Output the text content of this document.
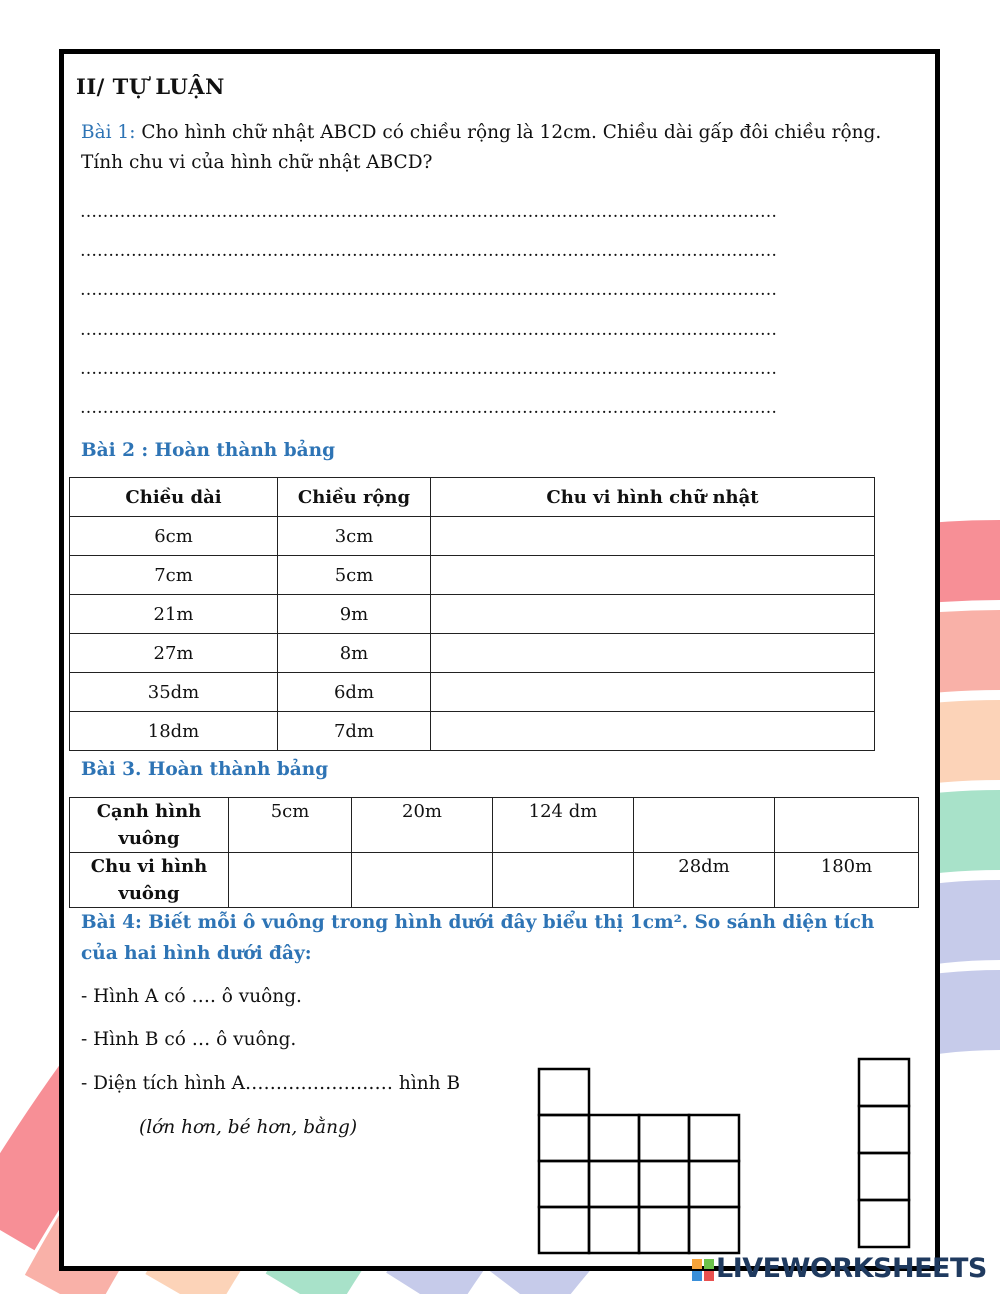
II/ TỰ LUẬN
Bài 1: Cho hình chữ nhật ABCD có chiều rộng là 12cm. Chiều dài gấp đôi chiều rộng. Tính chu vi của hình chữ nhật ABCD?
……………………………………………………………………………………………………………
……………………………………………………………………………………………………………
……………………………………………………………………………………………………………
……………………………………………………………………………………………………………
……………………………………………………………………………………………………………
……………………………………………………………………………………………………………
Bài 2 : Hoàn thành bảng
Chiều dài	Chiều rộng	Chu vi hình chữ nhật
6cm	3cm	
7cm	5cm	
21m	9m	
27m	8m	
35dm	6dm	
18dm	7dm	
Bài 3. Hoàn thành bảng
Cạnh hình vuông	5cm	20m	124 dm		
Chu vi hình vuông				28dm	180m
Bài 4: Biết mỗi ô vuông trong hình dưới đây biểu thị 1cm². So sánh diện tích của hai hình dưới đây:
- Hình A có …. ô vuông.
- Hình B có … ô vuông.
- Diện tích hình A…………………… hình B
(lớn hơn, bé hơn, bằng)
LIVEWORKSHEETS
